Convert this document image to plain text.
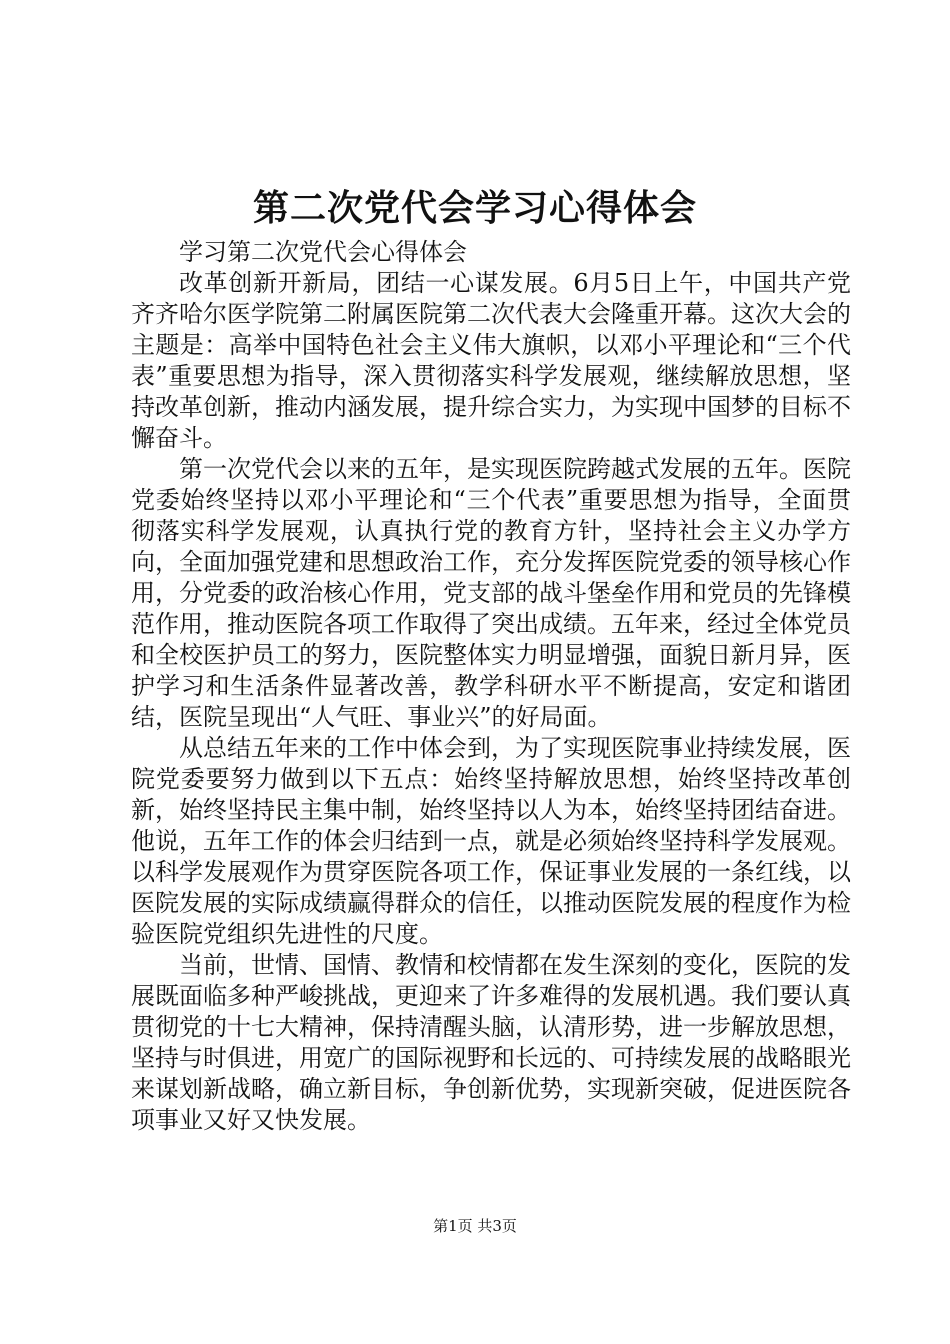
第二次党代会学习心得体会

学习第二次党代会心得体会

改革创新开新局，团结一心谋发展。6月5日上午，中国共产党齐齐哈尔医学院第二附属医院第二次代表大会隆重开幕。这次大会的主题是：高举中国特色社会主义伟大旗帜，以邓小平理论和“三个代表”重要思想为指导，深入贯彻落实科学发展观，继续解放思想，坚持改革创新，推动内涵发展，提升综合实力，为实现中国梦的目标不懈奋斗。

第一次党代会以来的五年，是实现医院跨越式发展的五年。医院党委始终坚持以邓小平理论和“三个代表”重要思想为指导，全面贯彻落实科学发展观，认真执行党的教育方针，坚持社会主义办学方向，全面加强党建和思想政治工作，充分发挥医院党委的领导核心作用，分党委的政治核心作用，党支部的战斗堡垒作用和党员的先锋模范作用，推动医院各项工作取得了突出成绩。五年来，经过全体党员和全校医护员工的努力，医院整体实力明显增强，面貌日新月异，医护学习和生活条件显著改善，教学科研水平不断提高，安定和谐团结，医院呈现出“人气旺、事业兴”的好局面。

从总结五年来的工作中体会到，为了实现医院事业持续发展，医院党委要努力做到以下五点：始终坚持解放思想，始终坚持改革创新，始终坚持民主集中制，始终坚持以人为本，始终坚持团结奋进。他说，五年工作的体会归结到一点，就是必须始终坚持科学发展观。以科学发展观作为贯穿医院各项工作，保证事业发展的一条红线，以医院发展的实际成绩赢得群众的信任，以推动医院发展的程度作为检验医院党组织先进性的尺度。

当前，世情、国情、教情和校情都在发生深刻的变化，医院的发展既面临多种严峻挑战，更迎来了许多难得的发展机遇。我们要认真贯彻党的十七大精神，保持清醒头脑，认清形势，进一步解放思想，坚持与时俱进，用宽广的国际视野和长远的、可持续发展的战略眼光来谋划新战略，确立新目标，争创新优势，实现新突破，促进医院各项事业又好又快发展。

第1页 共3页
